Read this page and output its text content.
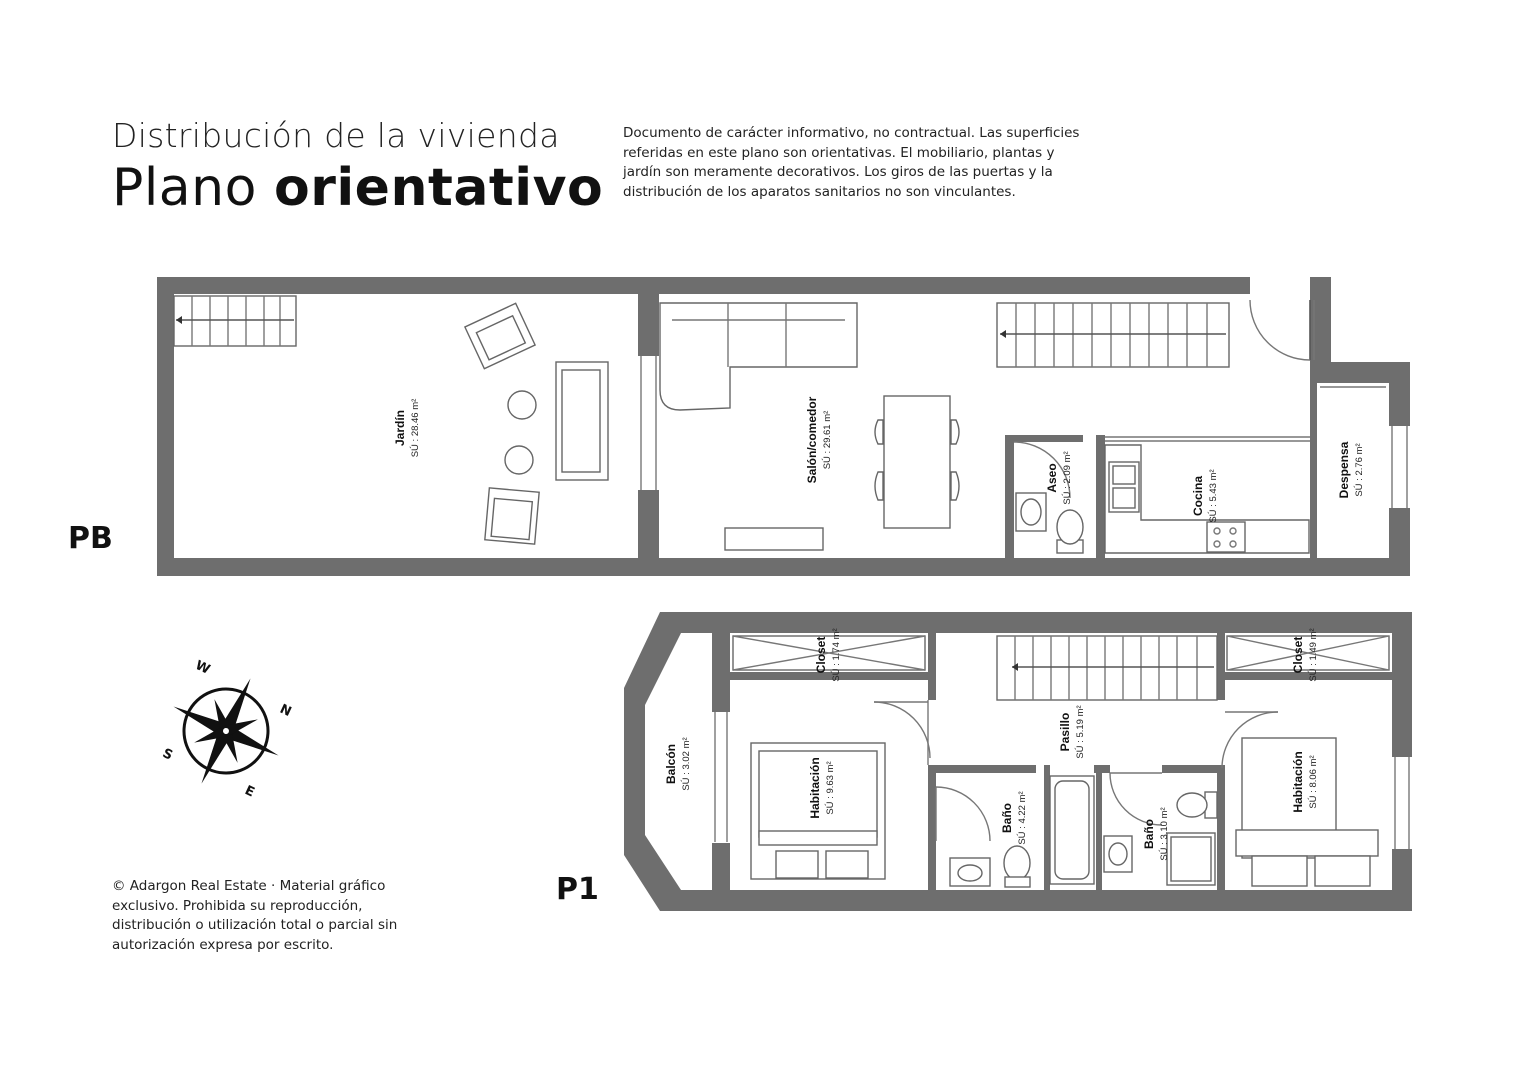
Distribución de la vivienda
Plano orientativo
Documento de carácter informativo, no contractual. Las superficies referidas en este plano son orientativas. El mobiliario, plantas y jardín son meramente decorativos. Los giros de las puertas y la distribución de los aparatos sanitarios no son vinculantes.
© Adargon Real Estate · Material gráfico exclusivo. Prohibida su reproducción, distribución o utilización total o parcial sin autorización expresa por escrito.
PB
P1
Jardín SÚ : 28.46 m²	Salón/comedor SÚ : 29.61 m²
Aseo SÚ : 2.09 m²	Cocina SÚ : 5.43 m²	Despensa SÚ : 2.76 m²
Balcón SÚ : 3.02 m²
Closet SÚ : 1.74 m²
Habitación SÚ : 9.63 m²
Baño SÚ : 4.22 m²
Pasillo SÚ : 5.19 m²
Baño SÚ : 3.10 m²
Closet SÚ : 1.49 m²
Habitación SÚ : 8.06 m²
N
S
E
W
